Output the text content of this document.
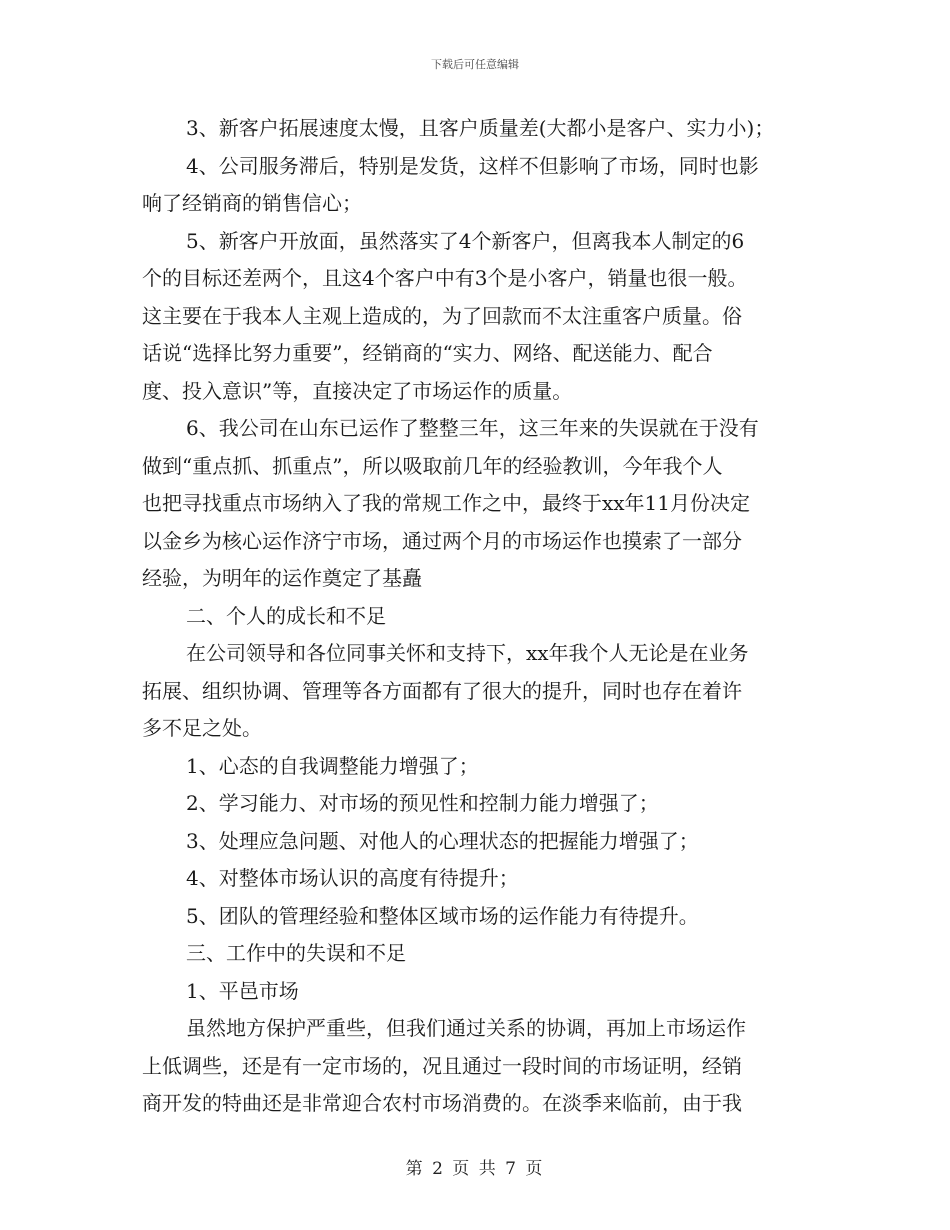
下载后可任意编辑
3、新客户拓展速度太慢，且客户质量差(大都小是客户、实力小)；
4、公司服务滞后，特别是发货，这样不但影响了市场，同时也影
响了经销商的销售信心；
5、新客户开放面，虽然落实了4个新客户，但离我本人制定的6
个的目标还差两个，且这4个客户中有3个是小客户，销量也很一般。
这主要在于我本人主观上造成的，为了回款而不太注重客户质量。俗
话说“选择比努力重要”，经销商的“实力、网络、配送能力、配合
度、投入意识”等，直接决定了市场运作的质量。
6、我公司在山东已运作了整整三年，这三年来的失误就在于没有
做到“重点抓、抓重点”，所以吸取前几年的经验教训，今年我个人
也把寻找重点市场纳入了我的常规工作之中，最终于xx年11月份决定
以金乡为核心运作济宁市场，通过两个月的市场运作也摸索了一部分
经验，为明年的运作奠定了基矗
二、个人的成长和不足
在公司领导和各位同事关怀和支持下，xx年我个人无论是在业务
拓展、组织协调、管理等各方面都有了很大的提升，同时也存在着许
多不足之处。
1、心态的自我调整能力增强了；
2、学习能力、对市场的预见性和控制力能力增强了；
3、处理应急问题、对他人的心理状态的把握能力增强了；
4、对整体市场认识的高度有待提升；
5、团队的管理经验和整体区域市场的运作能力有待提升。
三、工作中的失误和不足
1、平邑市场
虽然地方保护严重些，但我们通过关系的协调，再加上市场运作
上低调些，还是有一定市场的，况且通过一段时间的市场证明，经销
商开发的特曲还是非常迎合农村市场消费的。在淡季来临前，由于我
第 2 页 共 7 页
